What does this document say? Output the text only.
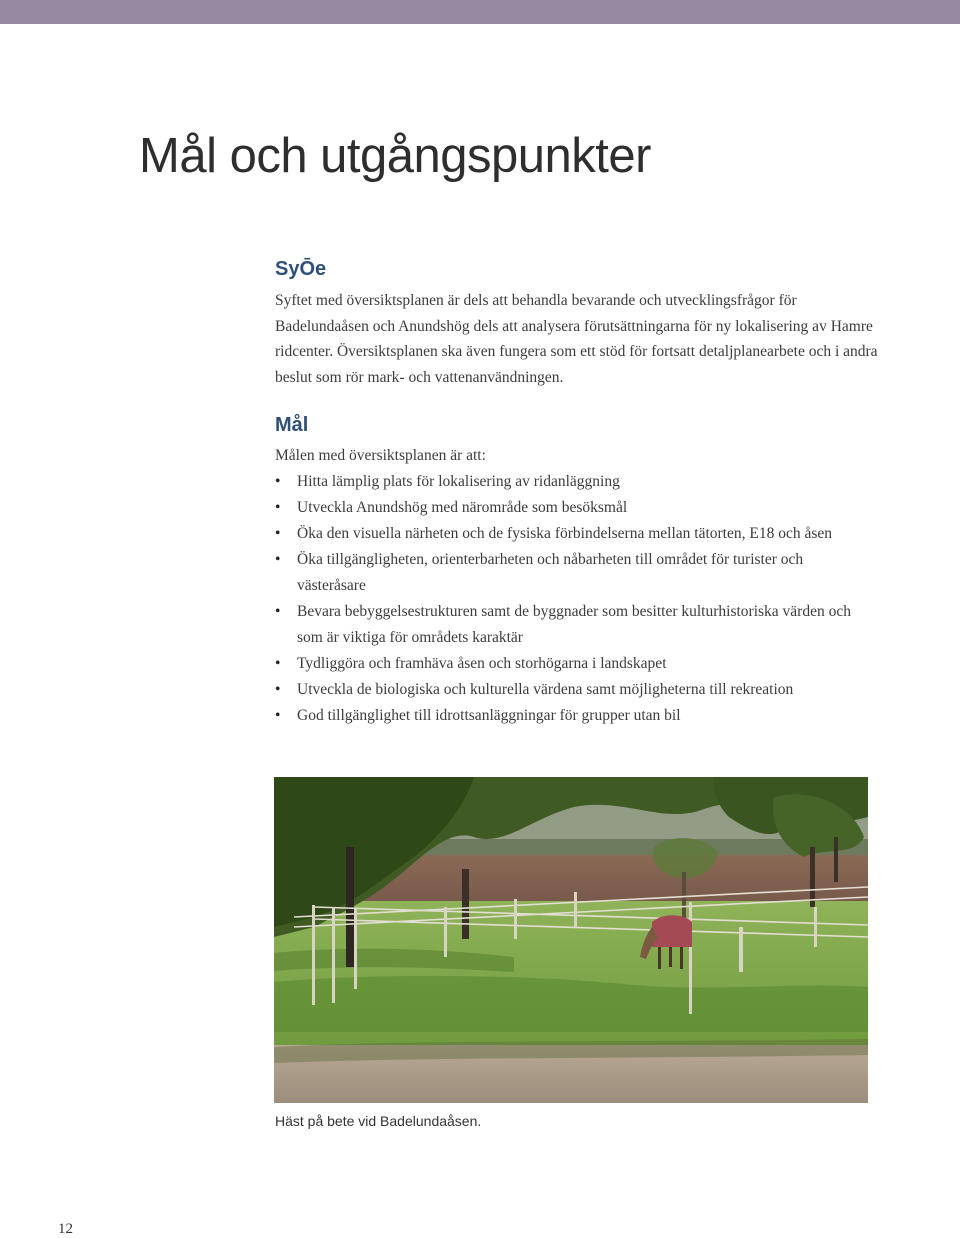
Mål och utgångspunkter
SyŌe

Syftet med översiktsplanen är dels att behandla bevarande och utvecklingsfrågor för Badelundaåsen och Anundshög dels att analysera förutsättningarna för ny lokalisering av Hamre ridcenter. Översiktsplanen ska även fungera som ett stöd för fortsatt detaljplanearbete och i andra beslut som rör mark- och vattenanvändningen.

Mål

Målen med översiktsplanen är att:

• Hitta lämplig plats för lokalisering av ridanläggning
• Utveckla Anundshög med närområde som besöksmål
• Öka den visuella närheten och de fysiska förbindelserna mellan tätorten, E18 och åsen
• Öka tillgängligheten, orienterbarheten och nåbarheten till området för turister och västeråsare
• Bevara bebyggelsestrukturen samt de byggnader som besitter kulturhistoriska värden och som är viktiga för områdets karaktär
• Tydliggöra och framhäva åsen och storhögarna i landskapet
• Utveckla de biologiska och kulturella värdena samt möjligheterna till rekreation
• God tillgänglighet till idrottsanläggningar för grupper utan bil

Häst på bete vid Badelundaåsen.

12
